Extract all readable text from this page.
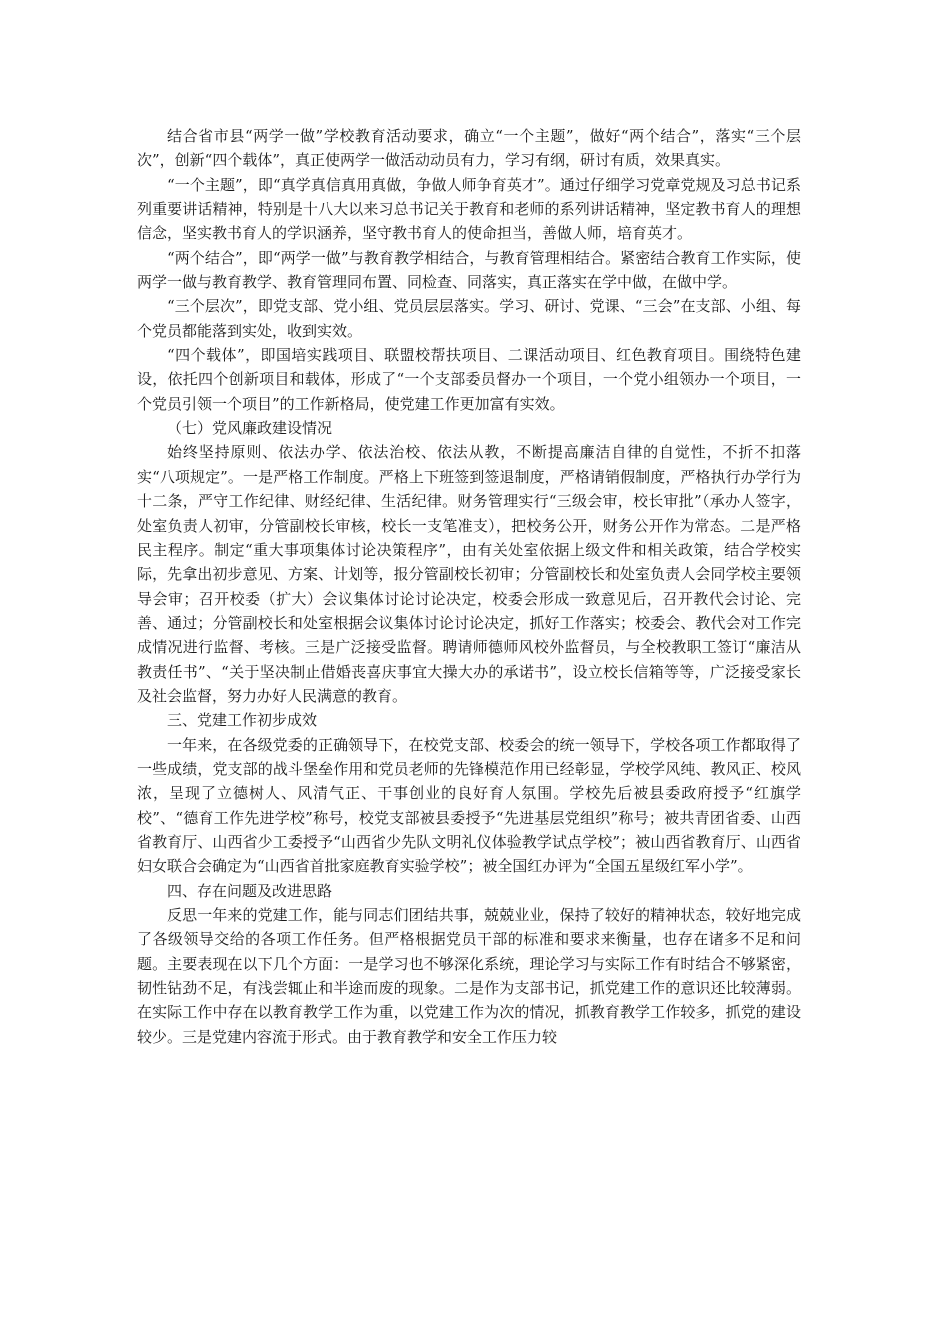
结合省市县“两学一做”学校教育活动要求，确立“一个主题”，做好“两个结合”，落实“三个层次”，创新“四个载体”，真正使两学一做活动动员有力，学习有纲，研讨有质，效果真实。

“一个主题”，即“真学真信真用真做，争做人师争育英才”。通过仔细学习党章党规及习总书记系列重要讲话精神，特别是十八大以来习总书记关于教育和老师的系列讲话精神，坚定教书育人的理想信念，坚实教书育人的学识涵养，坚守教书育人的使命担当，善做人师，培育英才。

“两个结合”，即“两学一做”与教育教学相结合，与教育管理相结合。紧密结合教育工作实际，使两学一做与教育教学、教育管理同布置、同检查、同落实，真正落实在学中做，在做中学。

“三个层次”，即党支部、党小组、党员层层落实。学习、研讨、党课、“三会”在支部、小组、每个党员都能落到实处，收到实效。

“四个载体”，即国培实践项目、联盟校帮扶项目、二课活动项目、红色教育项目。围绕特色建设，依托四个创新项目和载体，形成了“一个支部委员督办一个项目，一个党小组领办一个项目，一个党员引领一个项目”的工作新格局，使党建工作更加富有实效。

（七）党风廉政建设情况

始终坚持原则、依法办学、依法治校、依法从教，不断提高廉洁自律的自觉性，不折不扣落实“八项规定”。一是严格工作制度。严格上下班签到签退制度，严格请销假制度，严格执行办学行为十二条，严守工作纪律、财经纪律、生活纪律。财务管理实行“三级会审，校长审批”（承办人签字，处室负责人初审，分管副校长审核，校长一支笔准支），把校务公开，财务公开作为常态。二是严格民主程序。制定“重大事项集体讨论决策程序”，由有关处室依据上级文件和相关政策，结合学校实际，先拿出初步意见、方案、计划等，报分管副校长初审；分管副校长和处室负责人会同学校主要领导会审；召开校委（扩大）会议集体讨论讨论决定，校委会形成一致意见后，召开教代会讨论、完善、通过；分管副校长和处室根据会议集体讨论讨论决定，抓好工作落实；校委会、教代会对工作完成情况进行监督、考核。三是广泛接受监督。聘请师德师风校外监督员，与全校教职工签订“廉洁从教责任书”、“关于坚决制止借婚丧喜庆事宜大操大办的承诺书”，设立校长信箱等等，广泛接受家长及社会监督，努力办好人民满意的教育。

三、党建工作初步成效

一年来，在各级党委的正确领导下，在校党支部、校委会的统一领导下，学校各项工作都取得了一些成绩，党支部的战斗堡垒作用和党员老师的先锋模范作用已经彰显，学校学风纯、教风正、校风浓，呈现了立德树人、风清气正、干事创业的良好育人氛围。学校先后被县委政府授予“红旗学校”、“德育工作先进学校”称号，校党支部被县委授予“先进基层党组织”称号；被共青团省委、山西省教育厅、山西省少工委授予“山西省少先队文明礼仪体验教学试点学校”；被山西省教育厅、山西省妇女联合会确定为“山西省首批家庭教育实验学校”；被全国红办评为“全国五星级红军小学”。

四、存在问题及改进思路

反思一年来的党建工作，能与同志们团结共事，兢兢业业，保持了较好的精神状态，较好地完成了各级领导交给的各项工作任务。但严格根据党员干部的标准和要求来衡量，也存在诸多不足和问题。主要表现在以下几个方面：一是学习也不够深化系统，理论学习与实际工作有时结合不够紧密，韧性钻劲不足，有浅尝辄止和半途而废的现象。二是作为支部书记，抓党建工作的意识还比较薄弱。在实际工作中存在以教育教学工作为重，以党建工作为次的情况，抓教育教学工作较多，抓党的建设较少。三是党建内容流于形式。由于教育教学和安全工作压力较
